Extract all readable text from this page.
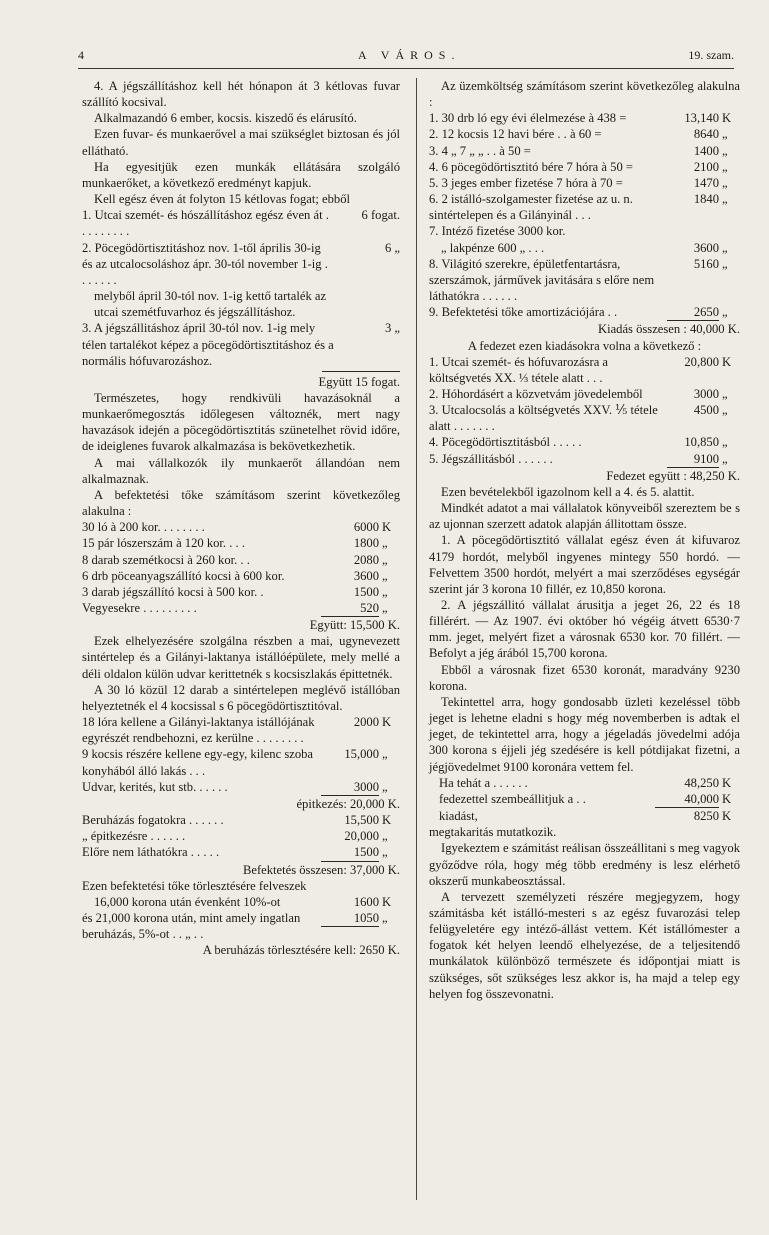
4	A VÁROS.	19. szam.

4. A jégszállításhoz kell hét hónapon át 3 kétlovas fuvar szállító kocsival.

Alkalmazandó 6 ember, kocsis. kiszedő és elárusító.

Ezen fuvar- és munkaerővel a mai szükséglet biztosan és jól ellátható.

Ha egyesitjük ezen munkák ellátására szolgáló munkaerőket, a következő eredményt kapjuk.

Kell egész éven át folyton 15 kétlovas fogat; ebből

1. Utcai szemét- és hószállításhoz egész éven át . . . . . . . . .
6 fogat.
2. Pöcegödörtisztitáshoz nov. 1-től április 30-ig és az utcalocsoláshoz ápr. 30-tól november 1-ig . . . . . . .
6 „
melyből ápril 30-tól nov. 1-ig kettő tartalék az utcai szemétfuvarhoz és jégszállításhoz.
3. A jégszállitáshoz ápril 30-tól nov. 1-ig mely télen tartalékot képez a pöcegödörtisztitáshoz és a normális hófuvarozáshoz.
3 „

Együtt 15 fogat.

Természetes, hogy rendkivüli havazásoknál a munkaerőmegosztás időlegesen változnék, mert nagy havazások idején a pöcegödörtisztitás szünetelhet rövid időre, de ideiglenes fuvarok alkalmazása is bekövetkezhetik.

A mai vállalkozók ily munkaerőt állandóan nem alkalmaznak.

A befektetési tőke számításom szerint következőleg alakulna :

30 ló à 200 kor. . . . . . . .	6000 K
15 pár lószerszám à 120 kor. . . .	1800 „
8 darab szemétkocsi à 260 kor. . .	2080 „
6 drb pöceanyagszállító kocsi à 600 kor.	3600 „
3 darab jégszállító kocsi à 500 kor. .	1500 „
Vegyesekre . . . . . . . . .	520 „

Együtt: 15,500 K.

Ezek elhelyezésére szolgálna részben a mai, ugynevezett sintértelep és a Gilányi-laktanya istállóépülete, mely mellé a déli oldalon külön udvar kerittetnék s kocsiszlakás épittetnék.

A 30 ló közül 12 darab a sintértelepen meglévő istállóban helyeztetnék el 4 kocsissal s 6 pöcegödörtisztitóval.

18 lóra kellene a Gilányi-laktanya istállójának egyrészét rendbehozni, ez kerülne . . . . . . . .
2000 K
9 kocsis részére kellene egy-egy, kilenc szoba konyhából álló lakás . . .
15,000 „
Udvar, kerités, kut stb. . . . . .	3000 „

épitkezés: 20,000 K.

Beruházás fogatokra . . . . . .	15,500 K
„ épitkezésre . . . . . .	20,000 „
Előre nem láthatókra . . . . .	1500 „

Befektetés összesen: 37,000 K.

Ezen befektetési tőke törlesztésére felveszek

16,000 korona után évenként 10%-ot	1600 K
és 21,000 korona után, mint amely ingatlan beruházás, 5%-ot . . „ . .
1050 „

A beruházás törlesztésére kell: 2650 K.

Az üzemköltség számításom szerint következőleg alakulna :

1. 30 drb ló egy évi élelmezése à 438 =	13,140 K
2. 12 kocsis 12 havi bére . . à 60 =	8640 „
3. 4 „ 7 „ „ . . à 50 =	1400 „
4. 6 pöcegödörtisztitó bére 7 hóra à 50 =	2100 „
5. 3 jeges ember fizetése 7 hóra à 70 =	1470 „
6. 2 istálló-szolgamester fizetése az u. n. sintértelepen és a Gilányinál . . .
1840 „
7. Intéző fizetése 3000 kor.
„ lakpénze 600 „ . . .	3600 „
8. Világitó szerekre, épületfentartásra, szerszámok, járművek javitására s előre nem láthatókra . . . . . .
5160 „
9. Befektetési tőke amortizációjára . .	2650 „

Kiadás összesen : 40,000 K.

A fedezet ezen kiadásokra volna a következő :

1. Utcai szemét- és hófuvarozásra a költségvetés XX. ⅓ tétele alatt . . .
20,800 K
2. Hóhordásért a közvetvám jövedelemből	3000 „
3. Utcalocsolás a költségvetés XXV. ⅕ tétele alatt . . . . . . .
4500 „
4. Pöcegödörtisztitásból . . . . .	10,850 „
5. Jégszállitásból . . . . . .	9100 „

Fedezet együtt : 48,250 K.

Ezen bevételekből igazolnom kell a 4. és 5. alattit.

Mindkét adatot a mai vállalatok könyveiből szereztem be s az ujonnan szerzett adatok alapján állitottam össze.

1. A pöcegödörtisztitó vállalat egész éven át kifuvaroz 4179 hordót, melyből ingyenes mintegy 550 hordó. — Felvettem 3500 hordót, melyért a mai szerződéses egységár szerint jár 3 korona 10 fillér, ez 10,850 korona.

2. A jégszállitó vállalat árusitja a jeget 26, 22 és 18 fillérért. — Az 1907. évi október hó végéig átvett 6530·7 mm. jeget, melyért fizet a városnak 6530 kor. 70 fillért. — Befolyt a jég árából 15,700 korona.

Ebből a városnak fizet 6530 koronát, maradvány 9230 korona.

Tekintettel arra, hogy gondosabb üzleti kezeléssel több jeget is lehetne eladni s hogy még novemberben is adtak el jeget, de tekintettel arra, hogy a jégeladás jövedelmi adója 300 korona s éjjeli jég szedésére is kell pótdijakat fizetni, a jégjövedelmet 9100 koronára vettem fel.

Ha tehát a . . . . . .	48,250 K
fedezettel szembeállitjuk a . .	40,000 K
kiadást,	8250 K

megtakaritás mutatkozik.

Igyekeztem e számitást reálisan összeállitani s meg vagyok győződve róla, hogy még több eredmény is lesz elérhető okszerű munkabeosztással.

A tervezett személyzeti részére megjegyzem, hogy számitásba két istálló-mesteri s az egész fuvarozási telep felügyeletére egy intéző-állást vettem. Két istállómester a fogatok két helyen leendő elhelyezése, de a teljesitendő munkálatok különböző természete és időpontjai miatt is szükséges, sőt szükséges lesz akkor is, ha majd a telep egy helyen fog összevonatni.
